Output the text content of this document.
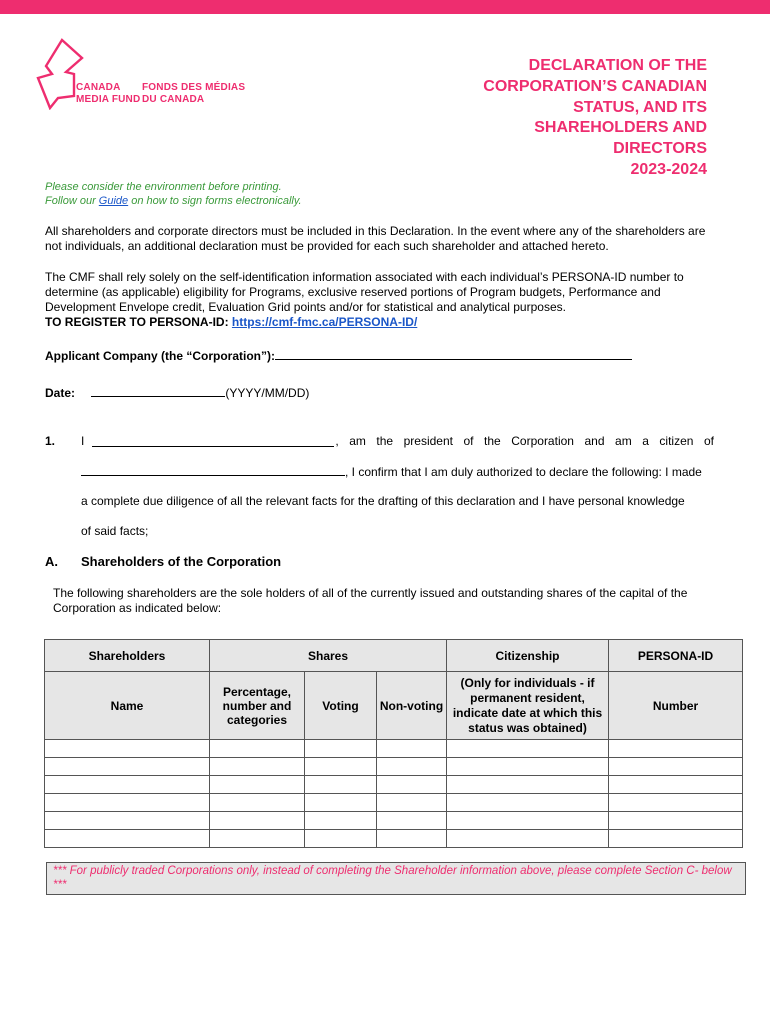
CANADA
MEDIA FUND
FONDS DES MÉDIAS
DU CANADA
DECLARATION OF THE
CORPORATION’S CANADIAN
STATUS, AND ITS
SHAREHOLDERS AND
DIRECTORS
2023-2024
Please consider the environment before printing.
Follow our Guide on how to sign forms electronically.
All shareholders and corporate directors must be included in this Declaration. In the event where any of the shareholders are not individuals, an additional declaration must be provided for each such shareholder and attached hereto.
The CMF shall rely solely on the self-identification information associated with each individual’s PERSONA-ID number to determine (as applicable) eligibility for Programs, exclusive reserved portions of Program budgets, Performance and Development Envelope credit, Evaluation Grid points and/or for statistical and analytical purposes.
TO REGISTER TO PERSONA-ID: https://cmf-fmc.ca/PERSONA-ID/
Applicant Company (the “Corporation”):
Date:	(YYYY/MM/DD)
1. I	, am the president of the Corporation and am a citizen of
, I confirm that I am duly authorized to declare the following: I made
a complete due diligence of all the relevant facts for the drafting of this declaration and I have personal knowledge
of said facts;
A. Shareholders of the Corporation
The following shareholders are the sole holders of all of the currently issued and outstanding shares of the capital of the Corporation as indicated below:
Shareholders	Shares			Citizenship	PERSONA-ID
Name	Percentage, number and categories	Voting	Non-voting	(Only for individuals - if permanent resident, indicate date at which this status was obtained)	Number

*** For publicly traded Corporations only, instead of completing the Shareholder information above, please complete Section C- below ***
